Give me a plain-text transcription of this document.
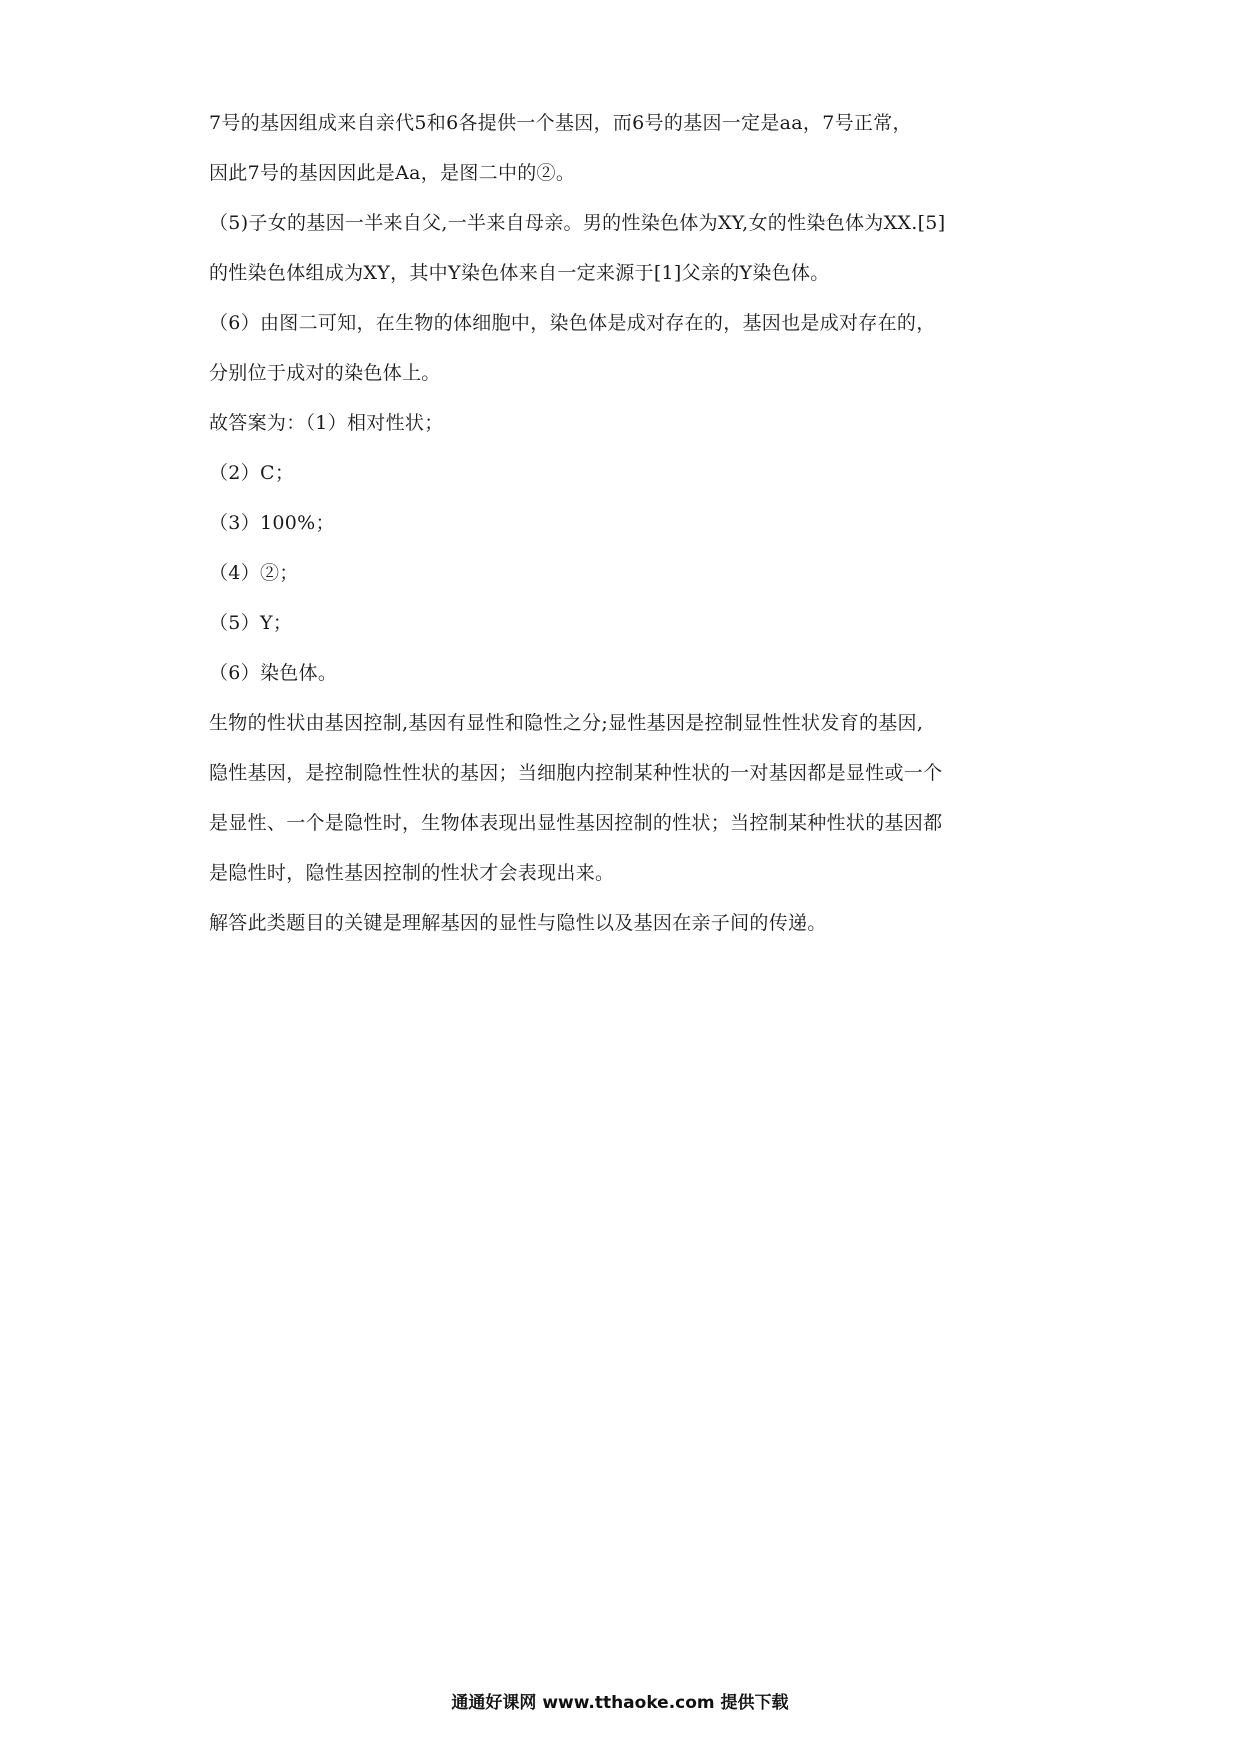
7号的基因组成来自亲代5和6各提供一个基因，而6号的基因一定是aa，7号正常，
因此7号的基因因此是Aa，是图二中的②。
（5)子女的基因一半来自父,一半来自母亲。男的性染色体为XY,女的性染色体为XX.[5]
的性染色体组成为XY，其中Y染色体来自一定来源于[1]父亲的Y染色体。
（6）由图二可知，在生物的体细胞中，染色体是成对存在的，基因也是成对存在的，
分别位于成对的染色体上。
故答案为：（1）相对性状；
（2）C；
（3）100%；
（4）②；
（5）Y；
（6）染色体。
生物的性状由基因控制,基因有显性和隐性之分;显性基因是控制显性性状发育的基因,
隐性基因，是控制隐性性状的基因；当细胞内控制某种性状的一对基因都是显性或一个
是显性、一个是隐性时，生物体表现出显性基因控制的性状；当控制某种性状的基因都
是隐性时，隐性基因控制的性状才会表现出来。
解答此类题目的关键是理解基因的显性与隐性以及基因在亲子间的传递。
通通好课网 www.tthaoke.com 提供下载
